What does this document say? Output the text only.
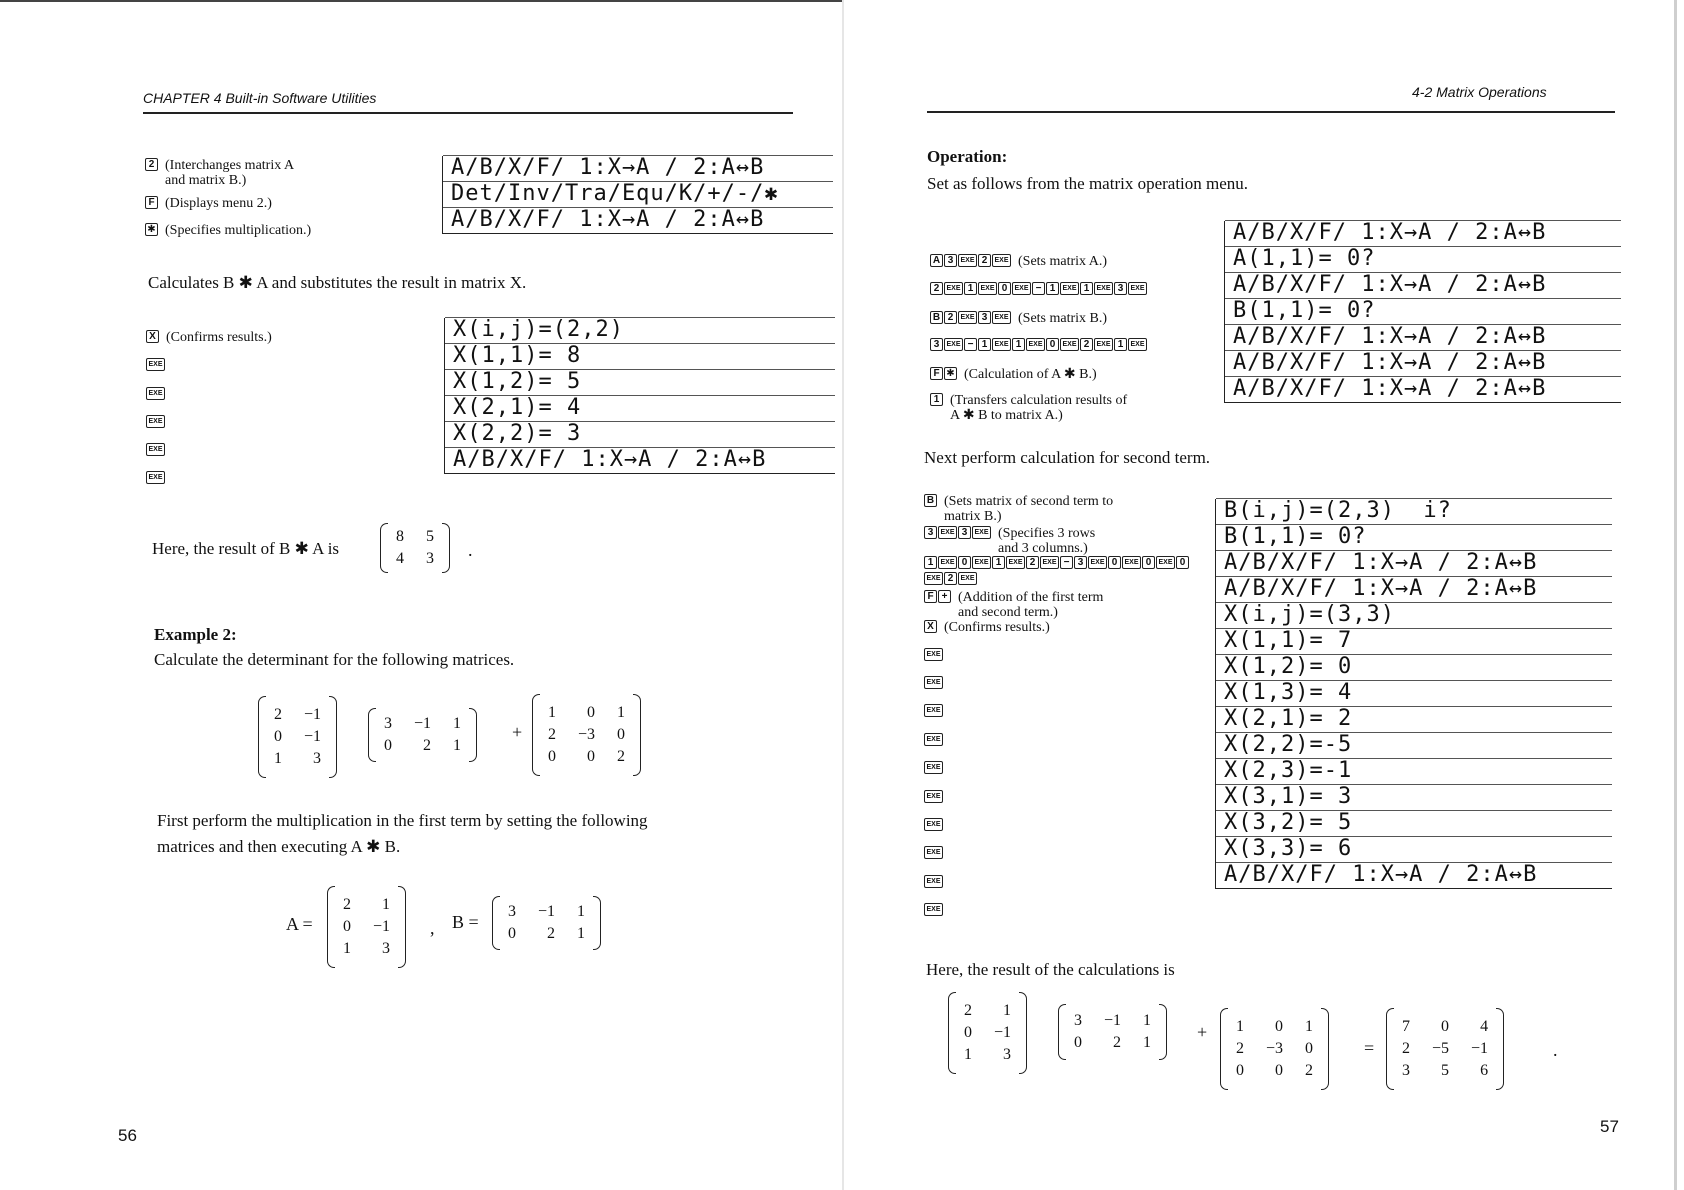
CHAPTER 4 Built-in Software Utilities
2 (Interchanges matrix A
and matrix B.)
F (Displays menu 2.)
✱ (Specifies multiplication.)
A/B/X/F/ 1:X→A / 2:A↔B
Det/Inv/Tra/Equ/K/+/-/✱
A/B/X/F/ 1:X→A / 2:A↔B
Calculates B ✱ A and substitutes the result in matrix X.
X (Confirms results.)
EXE
EXE
EXE
EXE
EXE
X(i,j)=(2,2)
X(1,1)= 8
X(1,2)= 5
X(2,1)= 4
X(2,2)= 3
A/B/X/F/ 1:X→A / 2:A↔B
Here, the result of B ✱ A is
8 5
4 3 .
Example 2:
Calculate the determinant for the following matrices.
2 −1
0 −1
1	3
3 −1 1
0	2 1
+
1	0 1
2 −3 0
0	0 2
First perform the multiplication in the first term by setting the following
matrices and then executing A ✱ B.
A =
2	1
0 −1
1	3
, B =
3 −1 1
0	2 1
56
4-2 Matrix Operations
Operation:
Set as follows from the matrix operation menu.
A 3	EXE 2	EXE (Sets matrix A.)
2	EXE 1	EXE 0	EXE − 1	EXE 1	EXE 3	EXE
B 2	EXE 3	EXE (Sets matrix B.)
3	EXE − 1	EXE 1	EXE 0	EXE 2	EXE 1	EXE
F ✱ (Calculation of A ✱ B.)
1 (Transfers calculation results of
A ✱ B to matrix A.)
A/B/X/F/ 1:X→A / 2:A↔B
A(1,1)= 0?
A/B/X/F/ 1:X→A / 2:A↔B
B(1,1)= 0?
A/B/X/F/ 1:X→A / 2:A↔B
A/B/X/F/ 1:X→A / 2:A↔B
A/B/X/F/ 1:X→A / 2:A↔B
Next perform calculation for second term.
B (Sets matrix of second term to
matrix B.)
3	EXE 3	EXE (Specifies 3 rows
and 3 columns.)
1	EXE 0	EXE 1	EXE 2	EXE − 3	EXE 0	EXE 0	EXE 0
EXE 2	EXE
F + (Addition of the first term
and second term.)
X (Confirms results.)
EXE
EXE
EXE
EXE
EXE
EXE
EXE
EXE
EXE
EXE
B(i,j)=(2,3)  i?
B(1,1)= 0?
A/B/X/F/ 1:X→A / 2:A↔B
A/B/X/F/ 1:X→A / 2:A↔B
X(i,j)=(3,3)
X(1,1)= 7
X(1,2)= 0
X(1,3)= 4
X(2,1)= 2
X(2,2)=-5
X(2,3)=-1
X(3,1)= 3
X(3,2)= 5
X(3,3)= 6
A/B/X/F/ 1:X→A / 2:A↔B
Here, the result of the calculations is
2	1
0 −1
1	3
3 −1 1
0	2 1
+ 1	0 1
2 −3 0
0	0 2
=
7	0	4
2 −5 −1
3	5	6
.
57
